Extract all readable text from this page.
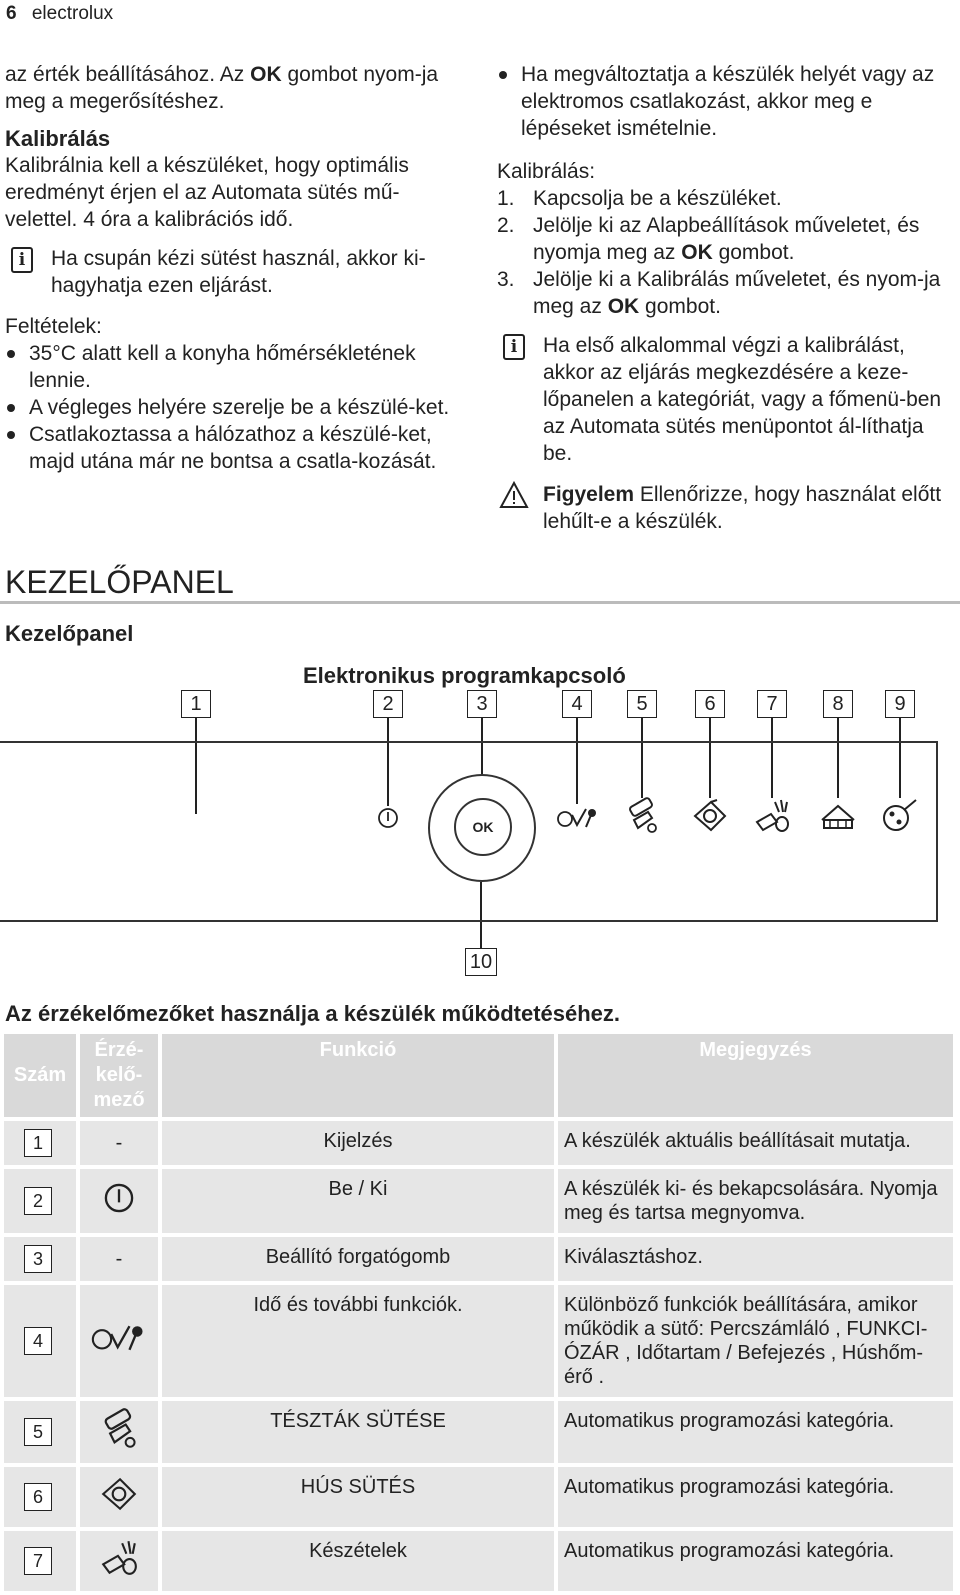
6 electrolux
az érték beállításához. Az OK gombot nyom-ja meg a megerősítéshez.
Kalibrálás
Kalibrálnia kell a készüléket, hogy optimális eredményt érjen el az Automata sütés mű-velettel. 4 óra a kalibrációs idő.
i	Ha csupán kézi sütést használ, akkor ki-hagyhatja ezen eljárást.
Feltételek:
35°C alatt kell a konyha hőmérsékletének lennie.
A végleges helyére szerelje be a készülé-ket.
Csatlakoztassa a hálózathoz a készülé-ket, majd utána már ne bontsa a csatla-kozását.
Ha megváltoztatja a készülék helyét vagy az elektromos csatlakozást, akkor meg e lépéseket ismételnie.
Kalibrálás:
1. Kapcsolja be a készüléket.
2. Jelölje ki az Alapbeállítások műveletet, és nyomja meg az OK gombot.
3. Jelölje ki a Kalibrálás műveletet, és nyom-ja meg az OK gombot.
i	Ha első alkalommal végzi a kalibrálást, akkor az eljárás megkezdésére a keze-lőpanelen a kategóriát, vagy a főmenü-ben az Automata sütés menüpontot ál-líthatja be.
Figyelem Ellenőrizze, hogy használat előtt lehűlt-e a készülék.
KEZELŐPANEL
Kezelőpanel
Elektronikus programkapcsoló
1	2	3	4	5	6	7	8	9
10
OK
Az érzékelőmezőket használja a készülék működtetéséhez.
Szám	Érzé-kelő-mező	Funkció	Megjegyzés

1	-	Kijelzés	A készülék aktuális beállításait mutatja.

2		Be / Ki	A készülék ki- és bekapcsolására. Nyomja meg és tartsa megnyomva.

3	-	Beállító forgatógomb	Kiválasztáshoz.

4		Idő és további funkciók.	Különböző funkciók beállítására, amikor működik a sütő: Percszámláló , FUNKCI-ÓZÁR , Időtartam / Befejezés , Húshőm-érő .

5		TÉSZTÁK SÜTÉSE	Automatikus programozási kategória.

6		HÚS SÜTÉS	Automatikus programozási kategória.

7		Készételek	Automatikus programozási kategória.
